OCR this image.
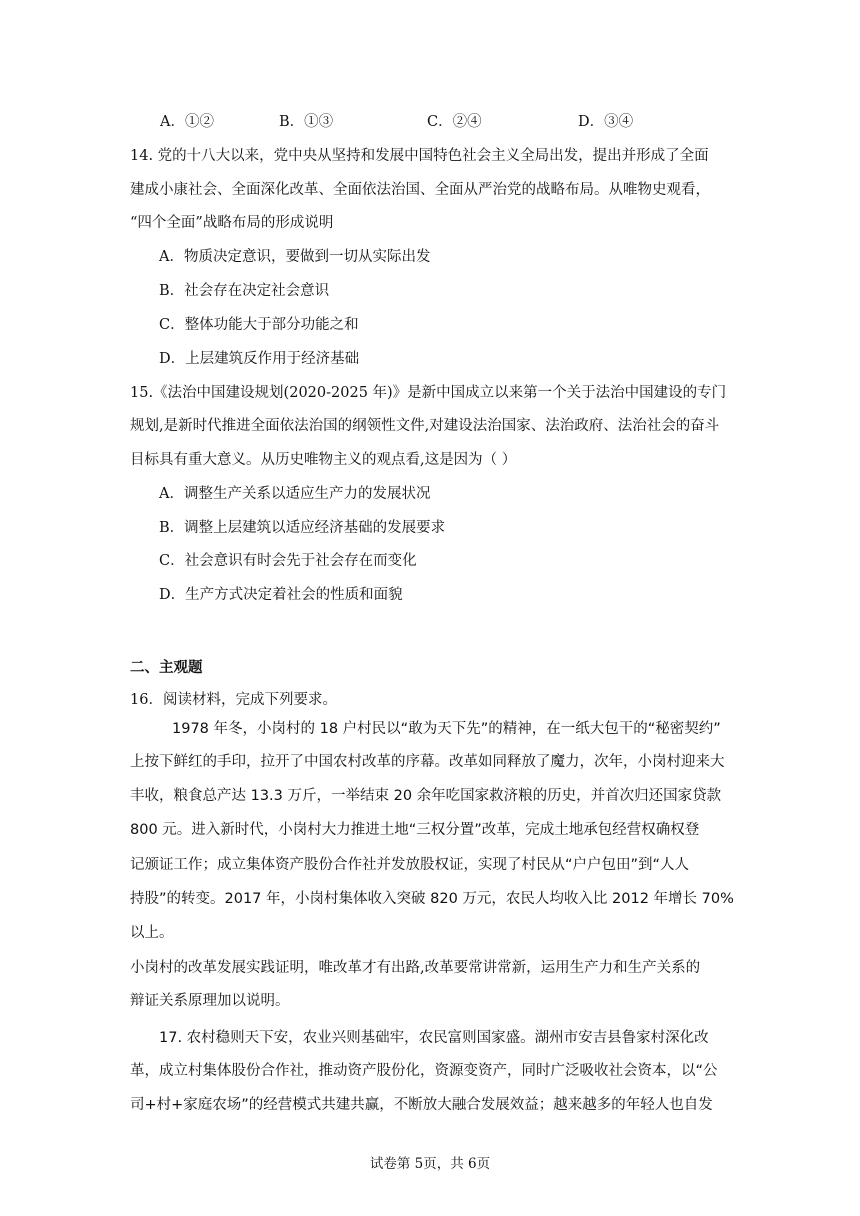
A．①②	B．①③	C．②④	D．③④
14. 党的十八大以来，党中央从坚持和发展中国特色社会主义全局出发，提出并形成了全面
建成小康社会、全面深化改革、全面依法治国、全面从严治党的战略布局。从唯物史观看，
“四个全面”战略布局的形成说明
A．物质决定意识，要做到一切从实际出发
B．社会存在决定社会意识
C．整体功能大于部分功能之和
D．上层建筑反作用于经济基础
15.《法治中国建设规划(2020-2025 年)》是新中国成立以来第一个关于法治中国建设的专门
规划,是新时代推进全面依法治国的纲领性文件,对建设法治国家、法治政府、法治社会的奋斗
目标具有重大意义。从历史唯物主义的观点看,这是因为（ ）
A．调整生产关系以适应生产力的发展状况
B．调整上层建筑以适应经济基础的发展要求
C．社会意识有时会先于社会存在而变化
D．生产方式决定着社会的性质和面貌
二、主观题
16．阅读材料，完成下列要求。
1978 年冬，小岗村的 18 户村民以“敢为天下先”的精神，在一纸大包干的“秘密契约”
上按下鲜红的手印，拉开了中国农村改革的序幕。改革如同释放了魔力，次年，小岗村迎来大
丰收，粮食总产达 13.3 万斤，一举结束 20 余年吃国家救济粮的历史，并首次归还国家贷款
800 元。进入新时代，小岗村大力推进土地“三权分置”改革，完成土地承包经营权确权登
记颁证工作；成立集体资产股份合作社并发放股权证，实现了村民从“户户包田”到“人人
持股”的转变。2017 年，小岗村集体收入突破 820 万元，农民人均收入比 2012 年增长 70%
以上。
小岗村的改革发展实践证明，唯改革才有出路,改革要常讲常新，运用生产力和生产关系的
辩证关系原理加以说明。
17. 农村稳则天下安，农业兴则基础牢，农民富则国家盛。湖州市安吉县鲁家村深化改
革，成立村集体股份合作社，推动资产股份化，资源变资产，同时广泛吸收社会资本，以“公
司+村+家庭农场”的经营模式共建共赢，不断放大融合发展效益；越来越多的年轻人也自发
试卷第 5页，共 6页
